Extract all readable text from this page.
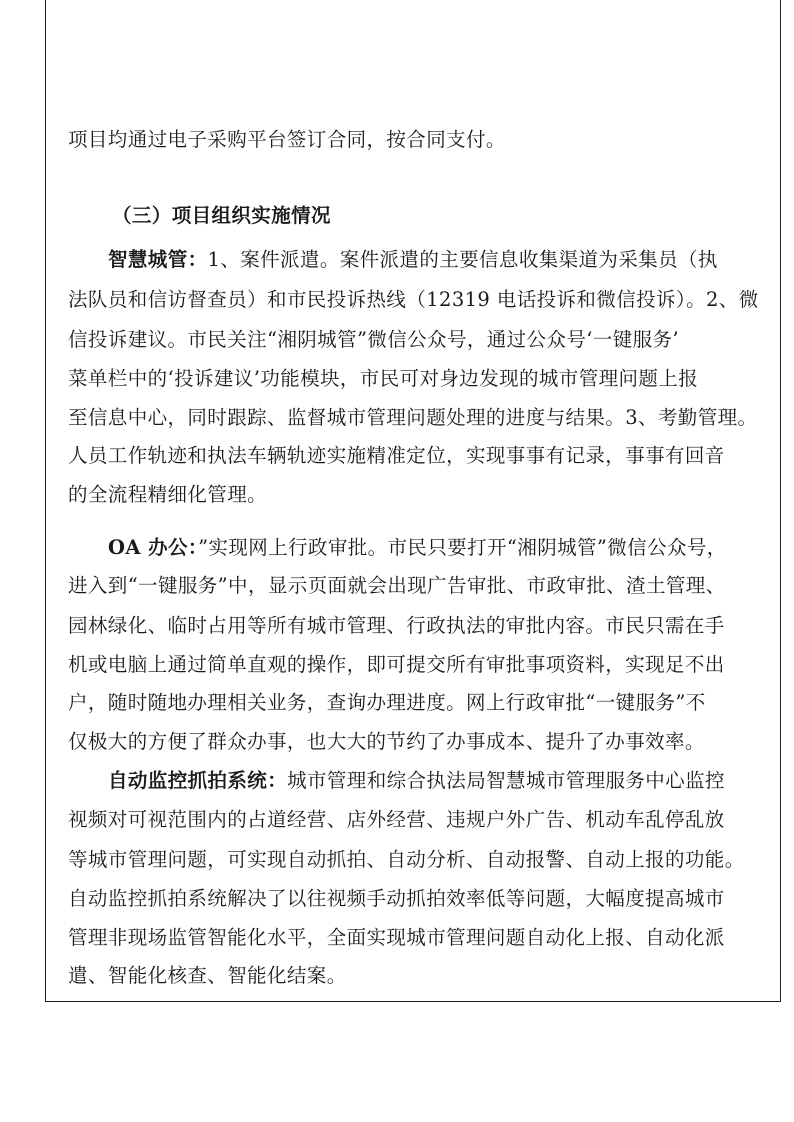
项目均通过电子采购平台签订合同，按合同支付。
（三）项目组织实施情况
智慧城管：1、案件派遣。案件派遣的主要信息收集渠道为采集员（执
法队员和信访督查员）和市民投诉热线（12319 电话投诉和微信投诉）。2、微
信投诉建议。市民关注“湘阴城管”微信公众号，通过公众号‘一键服务’
菜单栏中的‘投诉建议’功能模块，市民可对身边发现的城市管理问题上报
至信息中心，同时跟踪、监督城市管理问题处理的进度与结果。3、考勤管理。
人员工作轨迹和执法车辆轨迹实施精准定位，实现事事有记录，事事有回音
的全流程精细化管理。
OA 办公：”实现网上行政审批。市民只要打开“湘阴城管”微信公众号，
进入到“一键服务”中，显示页面就会出现广告审批、市政审批、渣土管理、
园林绿化、临时占用等所有城市管理、行政执法的审批内容。市民只需在手
机或电脑上通过简单直观的操作，即可提交所有审批事项资料，实现足不出
户，随时随地办理相关业务，查询办理进度。网上行政审批“一键服务”不
仅极大的方便了群众办事，也大大的节约了办事成本、提升了办事效率。
自动监控抓拍系统：城市管理和综合执法局智慧城市管理服务中心监控
视频对可视范围内的占道经营、店外经营、违规户外广告、机动车乱停乱放
等城市管理问题，可实现自动抓拍、自动分析、自动报警、自动上报的功能。
自动监控抓拍系统解决了以往视频手动抓拍效率低等问题，大幅度提高城市
管理非现场监管智能化水平，全面实现城市管理问题自动化上报、自动化派
遣、智能化核查、智能化结案。
